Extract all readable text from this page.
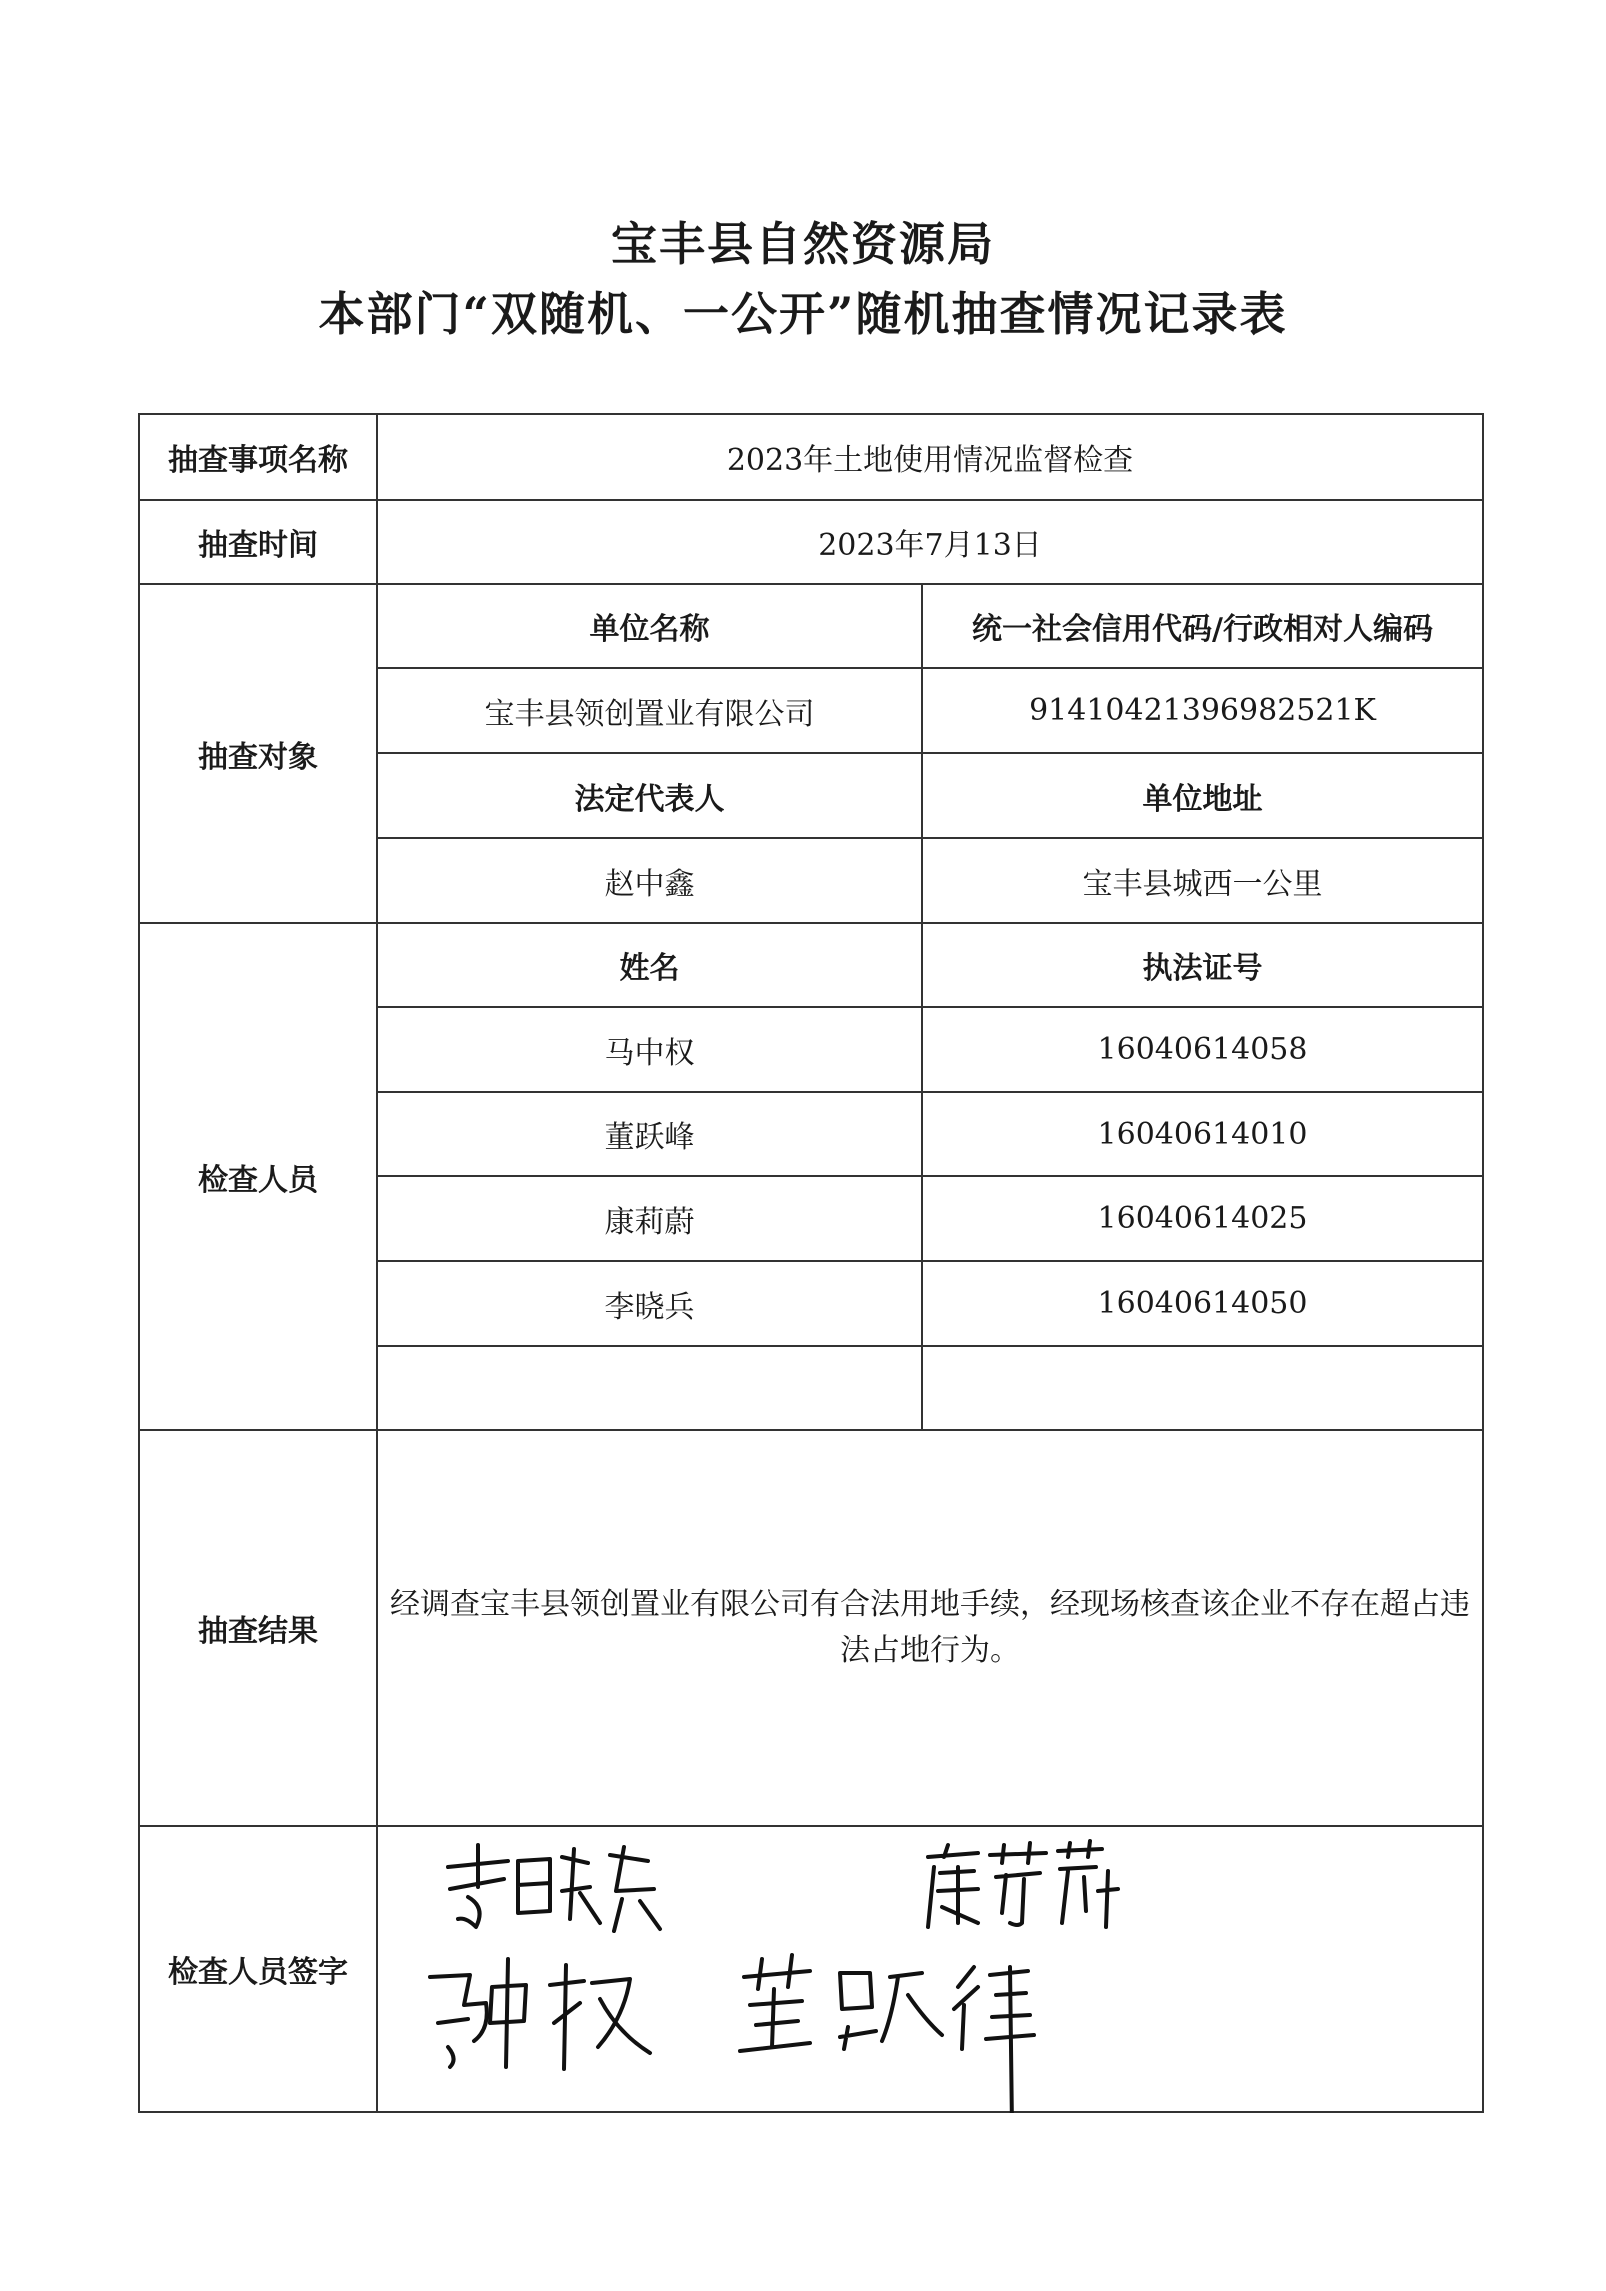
宝丰县自然资源局
本部门“双随机、一公开”随机抽查情况记录表
抽查事项名称	2023年土地使用情况监督检查	
抽查时间	2023年7月13日	
抽查对象	单位名称	统一社会信用代码/行政相对人编码
	宝丰县领创置业有限公司	91410421396982521K
	法定代表人	单位地址
	赵中鑫	宝丰县城西一公里
检查人员	姓名	执法证号
	马中权	16040614058
	董跃峰	16040614010
	康莉蔚	16040614025
	李晓兵	16040614050

抽查结果	经调查宝丰县领创置业有限公司有合法用地手续，经现场核查该企业不存在超占违法占地行为。	
检查人员签字	
